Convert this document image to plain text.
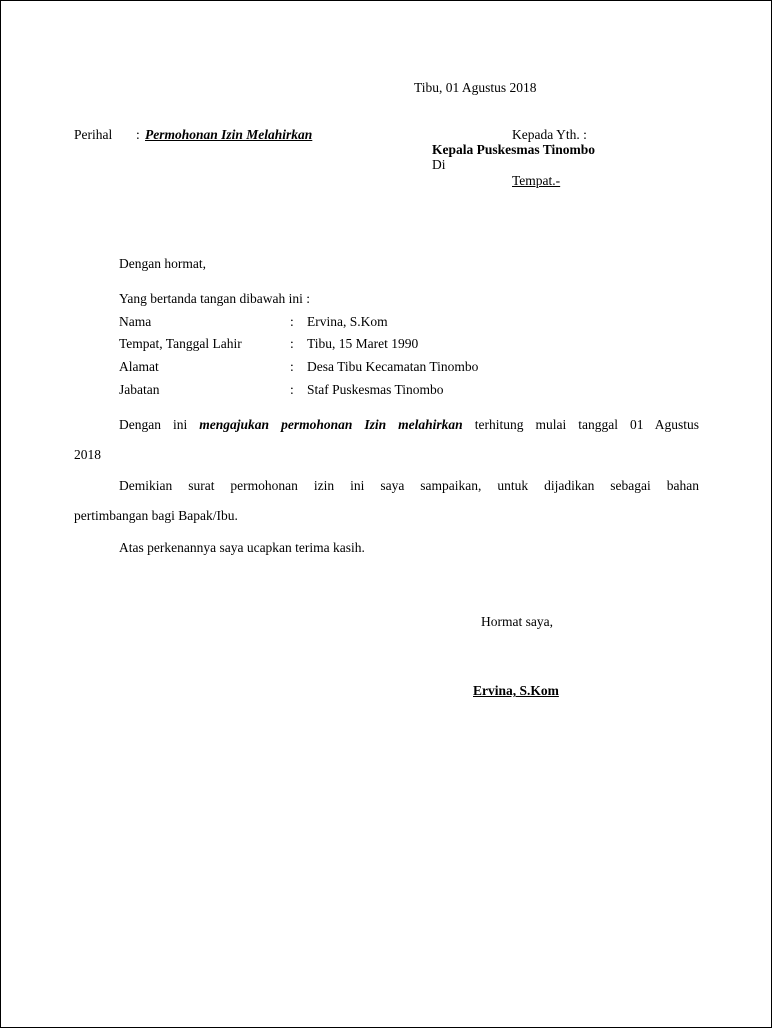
Tibu, 01 Agustus 2018
Perihal : Permohonan Izin Melahirkan	Kepada Yth. :
Kepala Puskesmas Tinombo
Di
Tempat.-
Dengan hormat,
Yang bertanda tangan dibawah ini :
Nama	: Ervina, S.Kom
Tempat, Tanggal Lahir	: Tibu, 15 Maret 1990
Alamat	: Desa Tibu Kecamatan Tinombo
Jabatan	: Staf Puskesmas Tinombo
Dengan ini mengajukan permohonan Izin melahirkan terhitung mulai tanggal 01 Agustus
2018
Demikian surat permohonan izin ini saya sampaikan, untuk dijadikan sebagai bahan
pertimbangan bagi Bapak/Ibu.
Atas perkenannya saya ucapkan terima kasih.
Hormat saya,
Ervina, S.Kom
